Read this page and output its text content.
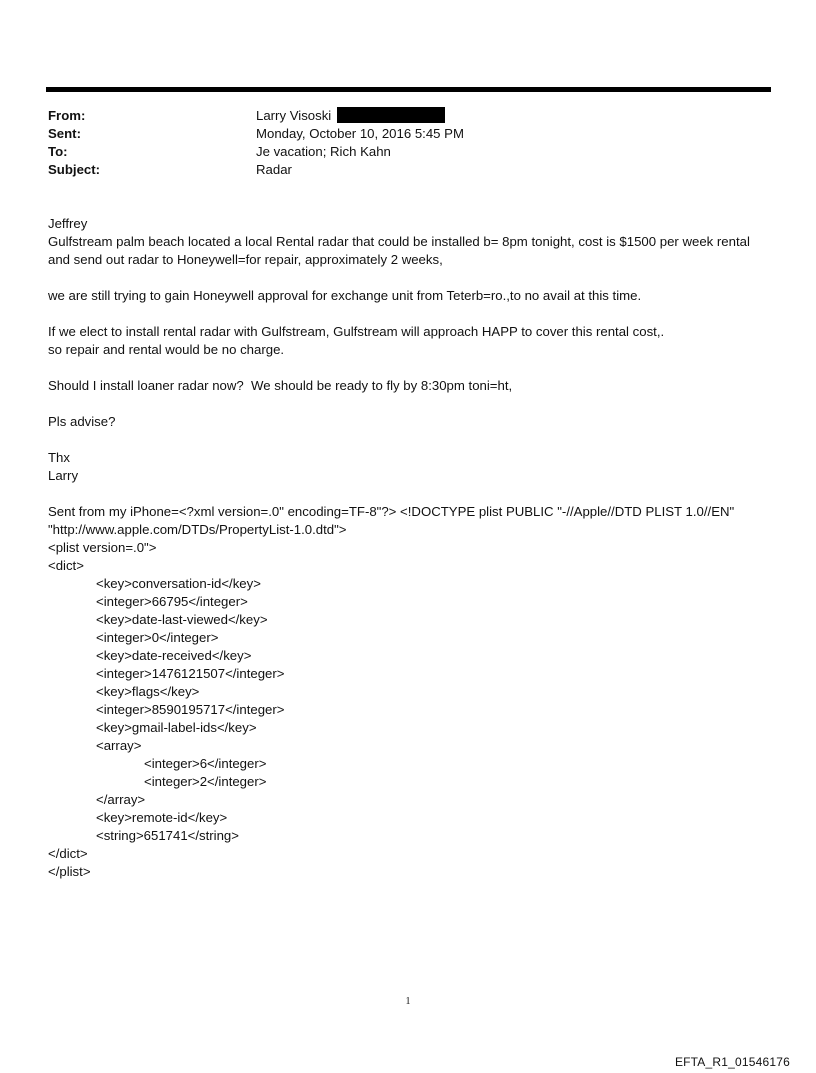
From:	Larry Visoski
Sent:	Monday, October 10, 2016 5:45 PM
To:	Je vacation; Rich Kahn
Subject:	Radar

Jeffrey

Gulfstream palm beach located a local Rental radar that could be installed b= 8pm tonight, cost is $1500 per week rental

and send out radar to Honeywell=for repair, approximately 2 weeks,

we are still trying to gain Honeywell approval for exchange unit from Teterb=ro.,to no avail at this time.

If we elect to install rental radar with Gulfstream, Gulfstream will approach HAPP to cover this rental cost,.

so repair and rental would be no charge.

Should I install loaner radar now?  We should be ready to fly by 8:30pm toni=ht,

Pls advise?

Thx

Larry

Sent from my iPhone=<?xml version=.0" encoding=TF-8"?> <!DOCTYPE plist PUBLIC "-//Apple//DTD PLIST 1.0//EN"

"http://www.apple.com/DTDs/PropertyList-1.0.dtd">

<plist version=.0">

<dict>

<key>conversation-id</key>

<integer>66795</integer>

<key>date-last-viewed</key>

<integer>0</integer>

<key>date-received</key>

<integer>1476121507</integer>

<key>flags</key>

<integer>8590195717</integer>

<key>gmail-label-ids</key>

<array>

<integer>6</integer>

<integer>2</integer>

</array>

<key>remote-id</key>

<string>651741</string>

</dict>

</plist>

1
EFTA_R1_01546176
